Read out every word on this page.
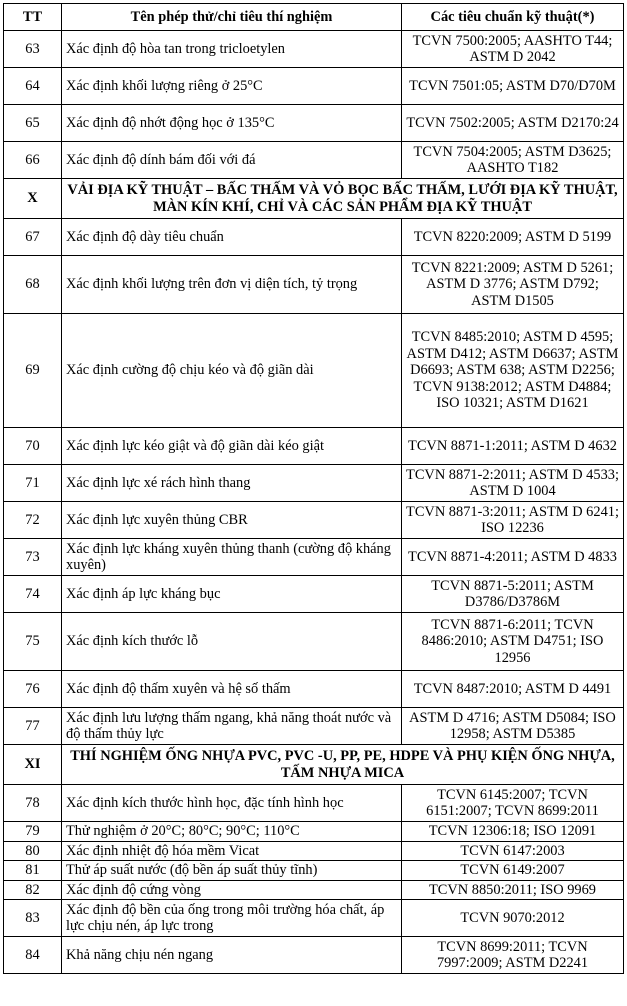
TT	Tên phép thử/chỉ tiêu thí nghiệm	Các tiêu chuẩn kỹ thuật(*)
63	Xác định độ hòa tan trong tricloetylen	TCVN 7500:2005; AASHTO T44; ASTM D 2042
64	Xác định khối lượng riêng ở 25°C	TCVN 7501:05; ASTM D70/D70M
65	Xác định độ nhớt động học ở 135°C	TCVN 7502:2005; ASTM D2170:24
66	Xác định độ dính bám đối với đá	TCVN 7504:2005; ASTM D3625; AASHTO T182
X	VẢI ĐỊA KỸ THUẬT – BẤC THẤM VÀ VỎ BỌC BẤC THẤM, LƯỚI ĐỊA KỸ THUẬT, MÀN KÍN KHÍ, CHỈ VÀ CÁC SẢN PHẨM ĐỊA KỸ THUẬT	
67	Xác định độ dày tiêu chuẩn	TCVN 8220:2009; ASTM D 5199
68	Xác định khối lượng trên đơn vị diện tích, tỷ trọng	TCVN 8221:2009; ASTM D 5261; ASTM D 3776; ASTM D792; ASTM D1505
69	Xác định cường độ chịu kéo và độ giãn dài	TCVN 8485:2010; ASTM D 4595; ASTM D412; ASTM D6637; ASTM D6693; ASTM 638; ASTM D2256; TCVN 9138:2012; ASTM D4884; ISO 10321; ASTM D1621
70	Xác định lực kéo giật và độ giãn dài kéo giật	TCVN 8871-1:2011; ASTM D 4632
71	Xác định lực xé rách hình thang	TCVN 8871-2:2011; ASTM D 4533; ASTM D 1004
72	Xác định lực xuyên thủng CBR	TCVN 8871-3:2011; ASTM D 6241; ISO 12236
73	Xác định lực kháng xuyên thủng thanh (cường độ kháng xuyên)	TCVN 8871-4:2011; ASTM D 4833
74	Xác định áp lực kháng bục	TCVN 8871-5:2011; ASTM D3786/D3786M
75	Xác định kích thước lỗ	TCVN 8871-6:2011; TCVN 8486:2010; ASTM D4751; ISO 12956
76	Xác định độ thấm xuyên và hệ số thấm	TCVN 8487:2010; ASTM D 4491
77	Xác định lưu lượng thấm ngang, khả năng thoát nước và độ thấm thủy lực	ASTM D 4716; ASTM D5084; ISO 12958; ASTM D5385
XI	THÍ NGHIỆM ỐNG NHỰA PVC, PVC -U, PP, PE, HDPE VÀ PHỤ KIỆN ỐNG NHỰA, TẤM NHỰA MICA	
78	Xác định kích thước hình học, đặc tính hình học	TCVN 6145:2007; TCVN 6151:2007; TCVN 8699:2011
79	Thử nghiệm ở 20°C; 80°C; 90°C; 110°C	TCVN 12306:18; ISO 12091
80	Xác định nhiệt độ hóa mềm Vicat	TCVN 6147:2003
81	Thử áp suất nước (độ bền áp suất thủy tĩnh)	TCVN 6149:2007
82	Xác định độ cứng vòng	TCVN 8850:2011; ISO 9969
83	Xác định độ bền của ống trong môi trường hóa chất, áp lực chịu nén, áp lực trong	TCVN 9070:2012
84	Khả năng chịu nén ngang	TCVN 8699:2011; TCVN 7997:2009; ASTM D2241
